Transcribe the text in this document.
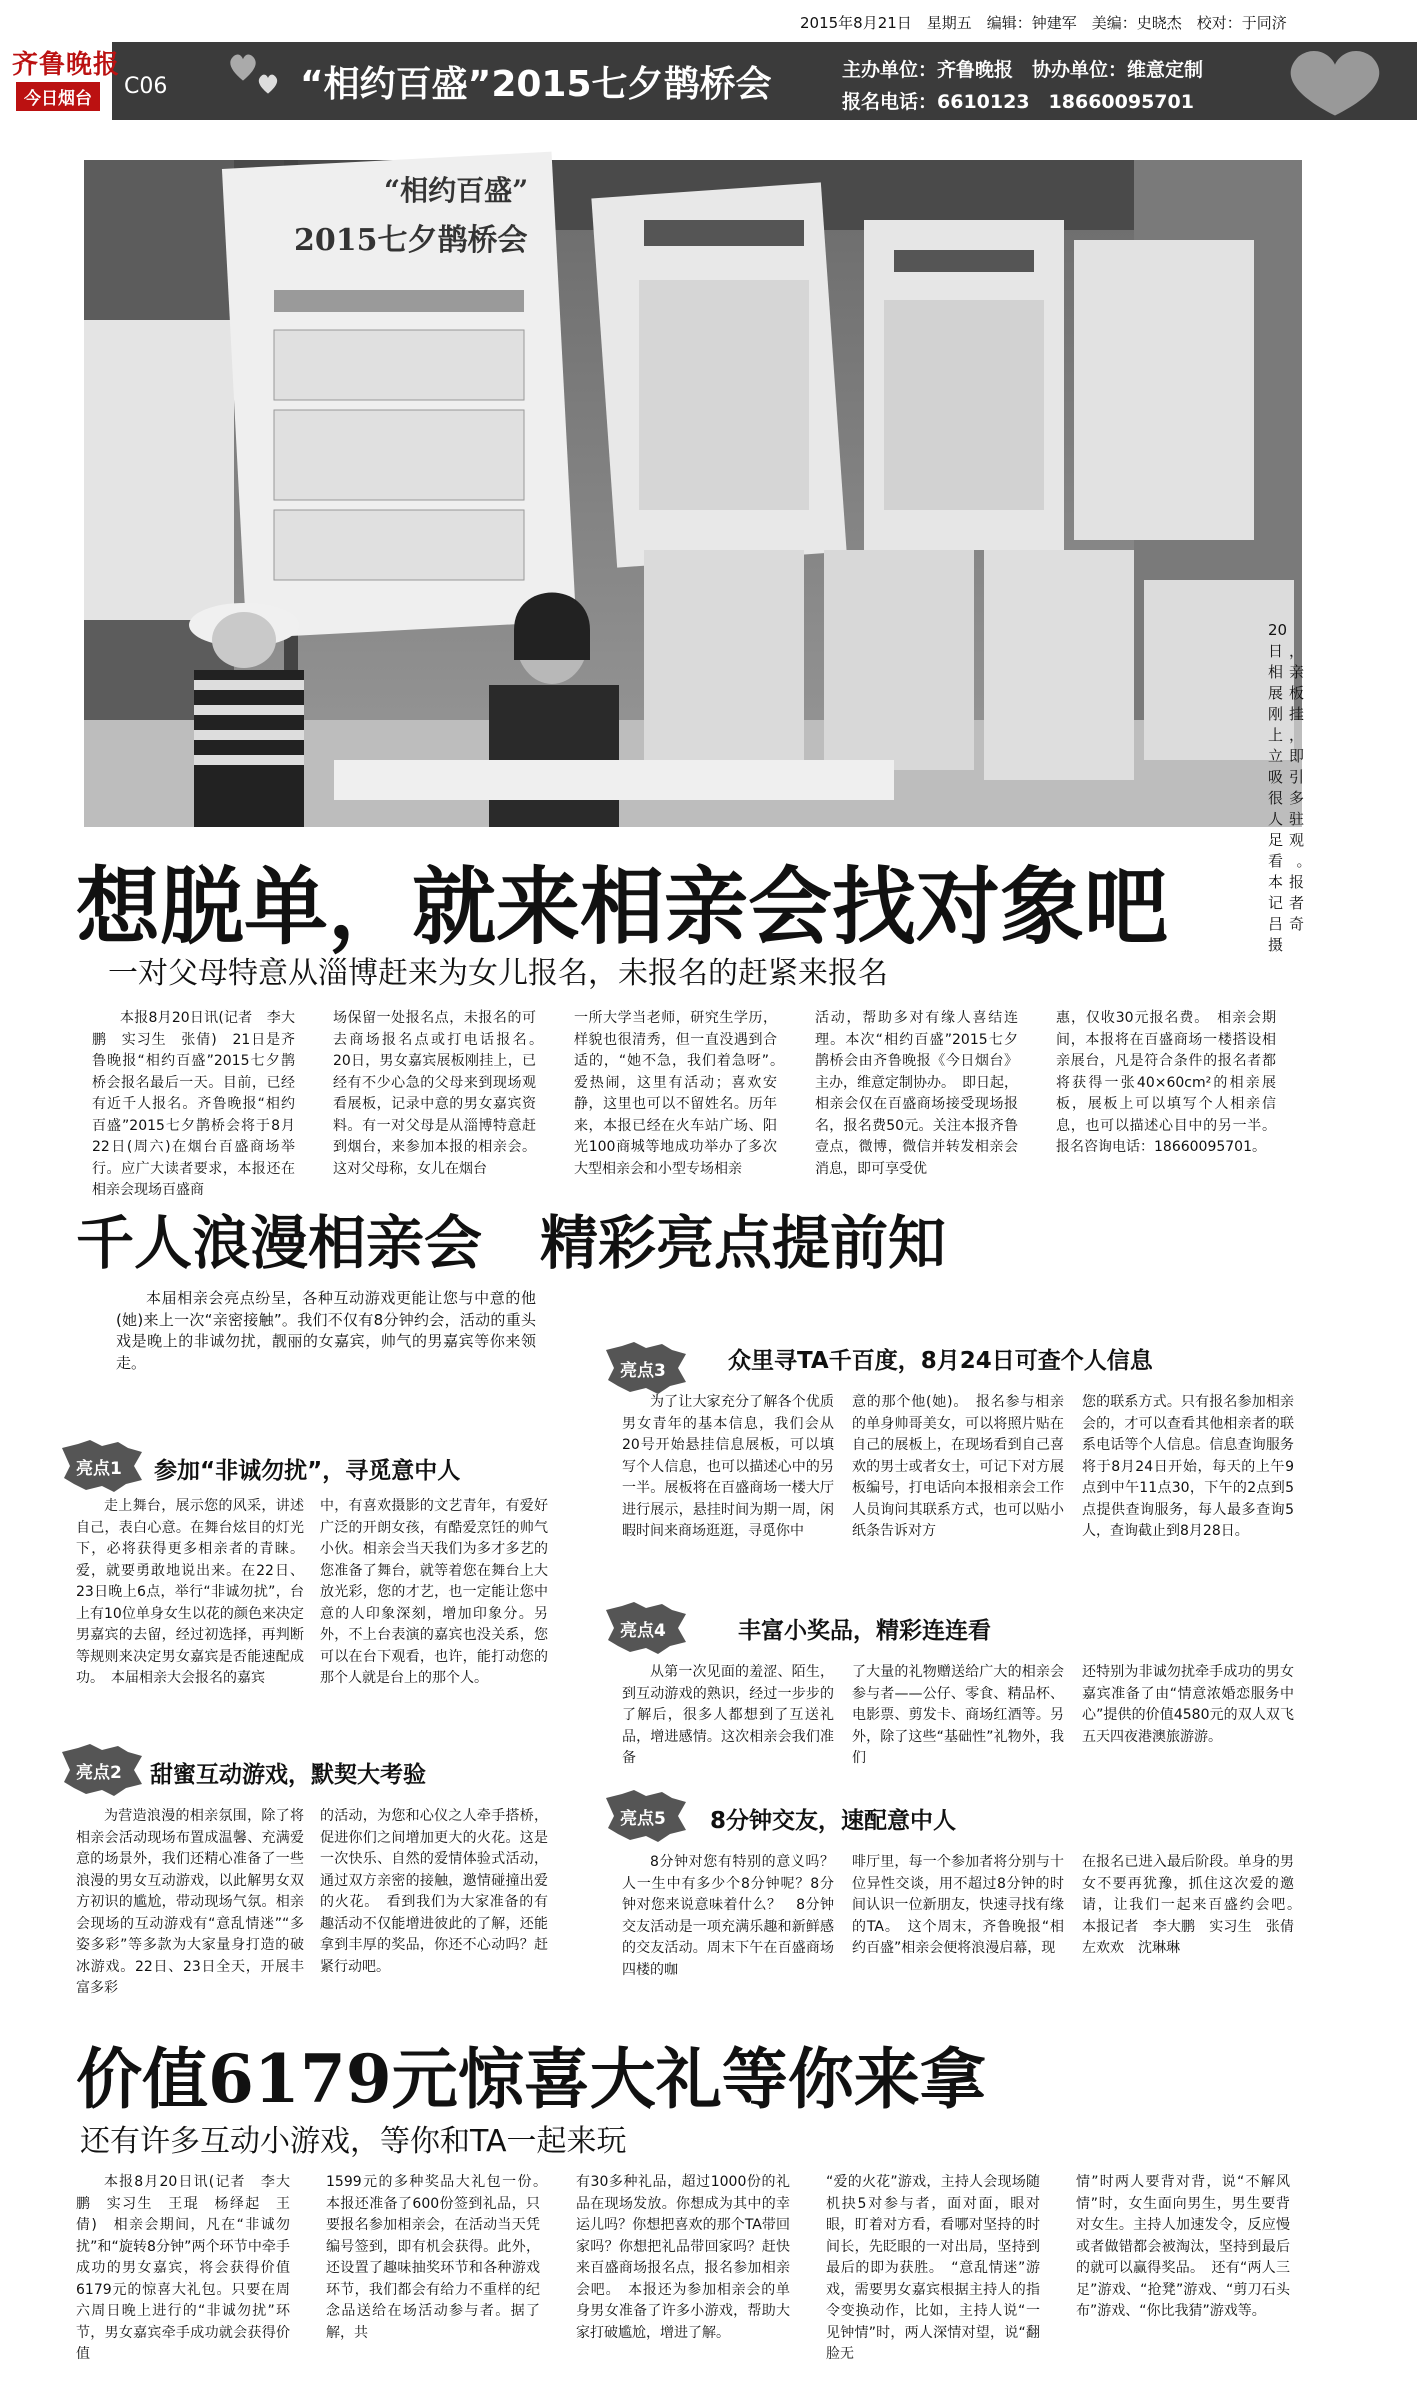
2015年8月21日　星期五　编辑：钟建军　美编：史晓杰　校对：于同济
齐鲁晚报
今日烟台	C06	“相约百盛”2015七夕鹊桥会	主办单位：齐鲁晚报　协办单位：维意定制
报名电话：6610123　18660095701
“相约百盛”
2015七夕鹊桥会
20日，相亲展板刚挂上，立即吸引很多人驻足观看。　本报记者　吕奇　摄
想脱单，就来相亲会找对象吧
一对父母特意从淄博赶来为女儿报名，未报名的赶紧来报名
本报8月20日讯(记者　李大鹏　实习生　张倩)　21日是齐鲁晚报“相约百盛”2015七夕鹊桥会报名最后一天。目前，已经有近千人报名。齐鲁晚报“相约百盛”2015七夕鹊桥会将于8月22日(周六)在烟台百盛商场举行。应广大读者要求，本报还在相亲会现场百盛商
场保留一处报名点，未报名的可去商场报名点或打电话报名。　20日，男女嘉宾展板刚挂上，已经有不少心急的父母来到现场观看展板，记录中意的男女嘉宾资料。有一对父母是从淄博特意赶到烟台，来参加本报的相亲会。这对父母称，女儿在烟台
一所大学当老师，研究生学历，样貌也很清秀，但一直没遇到合适的，“她不急，我们着急呀”。　爱热闹，这里有活动；喜欢安静，这里也可以不留姓名。历年来，本报已经在火车站广场、阳光100商城等地成功举办了多次大型相亲会和小型专场相亲
活动，帮助多对有缘人喜结连理。本次“相约百盛”2015七夕鹊桥会由齐鲁晚报《今日烟台》主办，维意定制协办。　即日起，相亲会仅在百盛商场接受现场报名，报名费50元。关注本报齐鲁壹点，微博，微信并转发相亲会消息，即可享受优
惠，仅收30元报名费。　相亲会期间，本报将在百盛商场一楼搭设相亲展台，凡是符合条件的报名者都将获得一张40×60cm²的相亲展板，展板上可以填写个人相亲信息，也可以描述心目中的另一半。报名咨询电话：18660095701。
千人浪漫相亲会　精彩亮点提前知
本届相亲会亮点纷呈，各种互动游戏更能让您与中意的他(她)来上一次“亲密接触”。我们不仅有8分钟约会，活动的重头戏是晚上的非诚勿扰，靓丽的女嘉宾，帅气的男嘉宾等你来领走。
亮点1 参加“非诚勿扰”，寻觅意中人
走上舞台，展示您的风采，讲述自己，表白心意。在舞台炫目的灯光下，必将获得更多相亲者的青睐。爱，就要勇敢地说出来。在22日、23日晚上6点，举行“非诚勿扰”，台上有10位单身女生以花的颜色来决定男嘉宾的去留，经过初选择，再判断等规则来决定男女嘉宾是否能速配成功。　本届相亲大会报名的嘉宾
中，有喜欢摄影的文艺青年，有爱好广泛的开朗女孩，有酷爱烹饪的帅气小伙。相亲会当天我们为多才多艺的您准备了舞台，就等着您在舞台上大放光彩，您的才艺，也一定能让您中意的人印象深刻，增加印象分。另外，不上台表演的嘉宾也没关系，您可以在台下观看，也许，能打动您的那个人就是台上的那个人。
亮点2 甜蜜互动游戏，默契大考验
为营造浪漫的相亲氛围，除了将相亲会活动现场布置成温馨、充满爱意的场景外，我们还精心准备了一些浪漫的男女互动游戏，以此解男女双方初识的尴尬，带动现场气氛。相亲会现场的互动游戏有“意乱情迷”“多姿多彩”等多款为大家量身打造的破冰游戏。22日、23日全天，开展丰富多彩
的活动，为您和心仪之人牵手搭桥，促进你们之间增加更大的火花。这是一次快乐、自然的爱情体验式活动，通过双方亲密的接触，邀情碰撞出爱的火花。　看到我们为大家准备的有趣活动不仅能增进彼此的了解，还能拿到丰厚的奖品，你还不心动吗？赶紧行动吧。
亮点3	众里寻TA千百度，8月24日可查个人信息
为了让大家充分了解各个优质男女青年的基本信息，我们会从20号开始悬挂信息展板，可以填写个人信息，也可以描述心中的另一半。展板将在百盛商场一楼大厅进行展示，悬挂时间为期一周，闲暇时间来商场逛逛，寻觅你中
意的那个他(她)。　报名参与相亲的单身帅哥美女，可以将照片贴在自己的展板上，在现场看到自己喜欢的男士或者女士，可记下对方展板编号，打电话向本报相亲会工作人员询问其联系方式，也可以贴小纸条告诉对方
您的联系方式。只有报名参加相亲会的，才可以查看其他相亲者的联系电话等个人信息。信息查询服务将于8月24日开始，每天的上午9点到中午11点30，下午的2点到5点提供查询服务，每人最多查询5人，查询截止到8月28日。
亮点4	丰富小奖品，精彩连连看
从第一次见面的羞涩、陌生，到互动游戏的熟识，经过一步步的了解后，很多人都想到了互送礼品，增进感情。这次相亲会我们准备
了大量的礼物赠送给广大的相亲会参与者——公仔、零食、精品杯、电影票、剪发卡、商场红酒等。另外，除了这些“基础性”礼物外，我们
还特别为非诚勿扰牵手成功的男女嘉宾准备了由“情意浓婚恋服务中心”提供的价值4580元的双人双飞五天四夜港澳旅游游。
亮点5 8分钟交友，速配意中人
8分钟对您有特别的意义吗？人一生中有多少个8分钟呢？8分钟对您来说意味着什么？　8分钟交友活动是一项充满乐趣和新鲜感的交友活动。周末下午在百盛商场四楼的咖
啡厅里，每一个参加者将分别与十位异性交谈，用不超过8分钟的时间认识一位新朋友，快速寻找有缘的TA。　这个周末，齐鲁晚报“相约百盛”相亲会便将浪漫启幕，现
在报名已进入最后阶段。单身的男女不要再犹豫，抓住这次爱的邀请，让我们一起来百盛约会吧。　本报记者　李大鹏　实习生　张倩　左欢欢　沈琳琳
价值6179元惊喜大礼等你来拿
还有许多互动小游戏，等你和TA一起来玩
本报8月20日讯(记者　李大鹏　实习生　王琨　杨绎起　王倩)　相亲会期间，凡在“非诚勿扰”和“旋转8分钟”两个环节中牵手成功的男女嘉宾，将会获得价值6179元的惊喜大礼包。只要在周六周日晚上进行的“非诚勿扰”环节，男女嘉宾牵手成功就会获得价值
1599元的多种奖品大礼包一份。　本报还准备了600份签到礼品，只要报名参加相亲会，在活动当天凭编号签到，即有机会获得。此外，还设置了趣味抽奖环节和各种游戏环节，我们都会有给力不重样的纪念品送给在场活动参与者。据了解，共
有30多种礼品，超过1000份的礼品在现场发放。你想成为其中的幸运儿吗？你想把喜欢的那个TA带回家吗？你想把礼品带回家吗？赶快来百盛商场报名点，报名参加相亲会吧。　本报还为参加相亲会的单身男女准备了许多小游戏，帮助大家打破尴尬，增进了解。
“爱的火花”游戏，主持人会现场随机抉5对参与者，面对面，眼对眼，盯着对方看，看哪对坚持的时间长，先眨眼的一对出局，坚持到最后的即为获胜。　“意乱情迷”游戏，需要男女嘉宾根据主持人的指令变换动作，比如，主持人说“一见钟情”时，两人深情对望，说“翻脸无
情”时两人要背对背，说“不解风情”时，女生面向男生，男生要背对女生。主持人加速发令，反应慢或者做错都会被淘汰，坚持到最后的就可以赢得奖品。　还有“两人三足”游戏、“抢凳”游戏、“剪刀石头布”游戏、“你比我猜”游戏等。
